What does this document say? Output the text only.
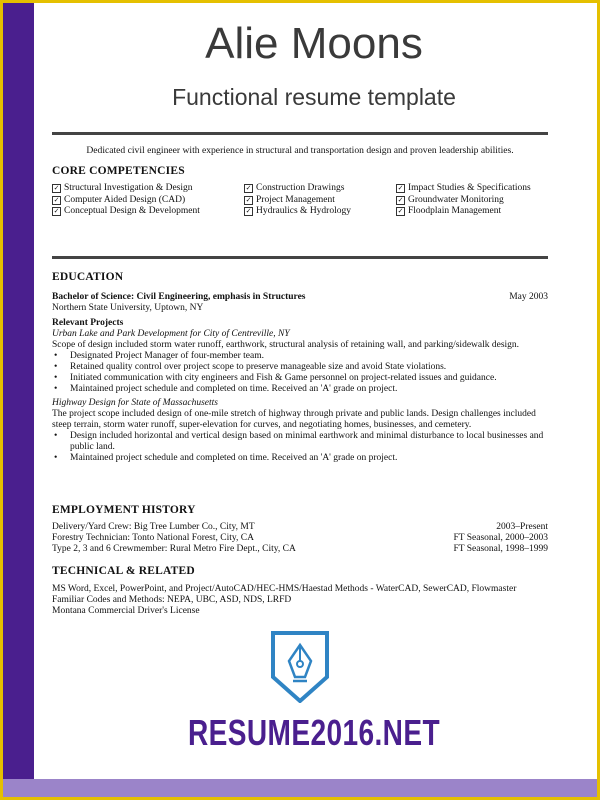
Alie Moons
Functional resume template
Dedicated civil engineer with experience in structural and transportation design and proven leadership abilities.
CORE COMPETENCIES
✓ Structural Investigation & Design	✓ Construction Drawings	✓ Impact Studies & Specifications
✓ Computer Aided Design (CAD)	✓ Project Management	✓ Groundwater Monitoring
✓ Conceptual Design & Development	✓ Hydraulics & Hydrology	✓ Floodplain Management
EDUCATION
Bachelor of Science: Civil Engineering, emphasis in Structures	May 2003

Northern State University, Uptown, NY

Relevant Projects

Urban Lake and Park Development for City of Centreville, NY

Scope of design included storm water runoff, earthwork, structural analysis of retaining wall, and parking/sidewalk design.

• Designated Project Manager of four-member team.
• Retained quality control over project scope to preserve manageable size and avoid State violations.
• Initiated communication with city engineers and Fish & Game personnel on project-related issues and guidance.
• Maintained project schedule and completed on time. Received an 'A' grade on project.

Highway Design for State of Massachusetts

The project scope included design of one-mile stretch of highway through private and public lands. Design challenges included steep terrain, storm water runoff, super-elevation for curves, and negotiating homes, businesses, and cemetery.

• Design included horizontal and vertical design based on minimal earthwork and minimal disturbance to local businesses and public land.
• Maintained project schedule and completed on time. Received an 'A' grade on project.
EMPLOYMENT HISTORY
Delivery/Yard Crew: Big Tree Lumber Co., City, MT	2003–Present
Forestry Technician: Tonto National Forest, City, CA	FT Seasonal, 2000–2003
Type 2, 3 and 6 Crewmember: Rural Metro Fire Dept., City, CA	FT Seasonal, 1998–1999
TECHNICAL & RELATED

MS Word, Excel, PowerPoint, and Project/AutoCAD/HEC-HMS/Haestad Methods - WaterCAD, SewerCAD, Flowmaster

Familiar Codes and Methods: NEPA, UBC, ASD, NDS, LRFD

Montana Commercial Driver's License

RESUME2016.NET
